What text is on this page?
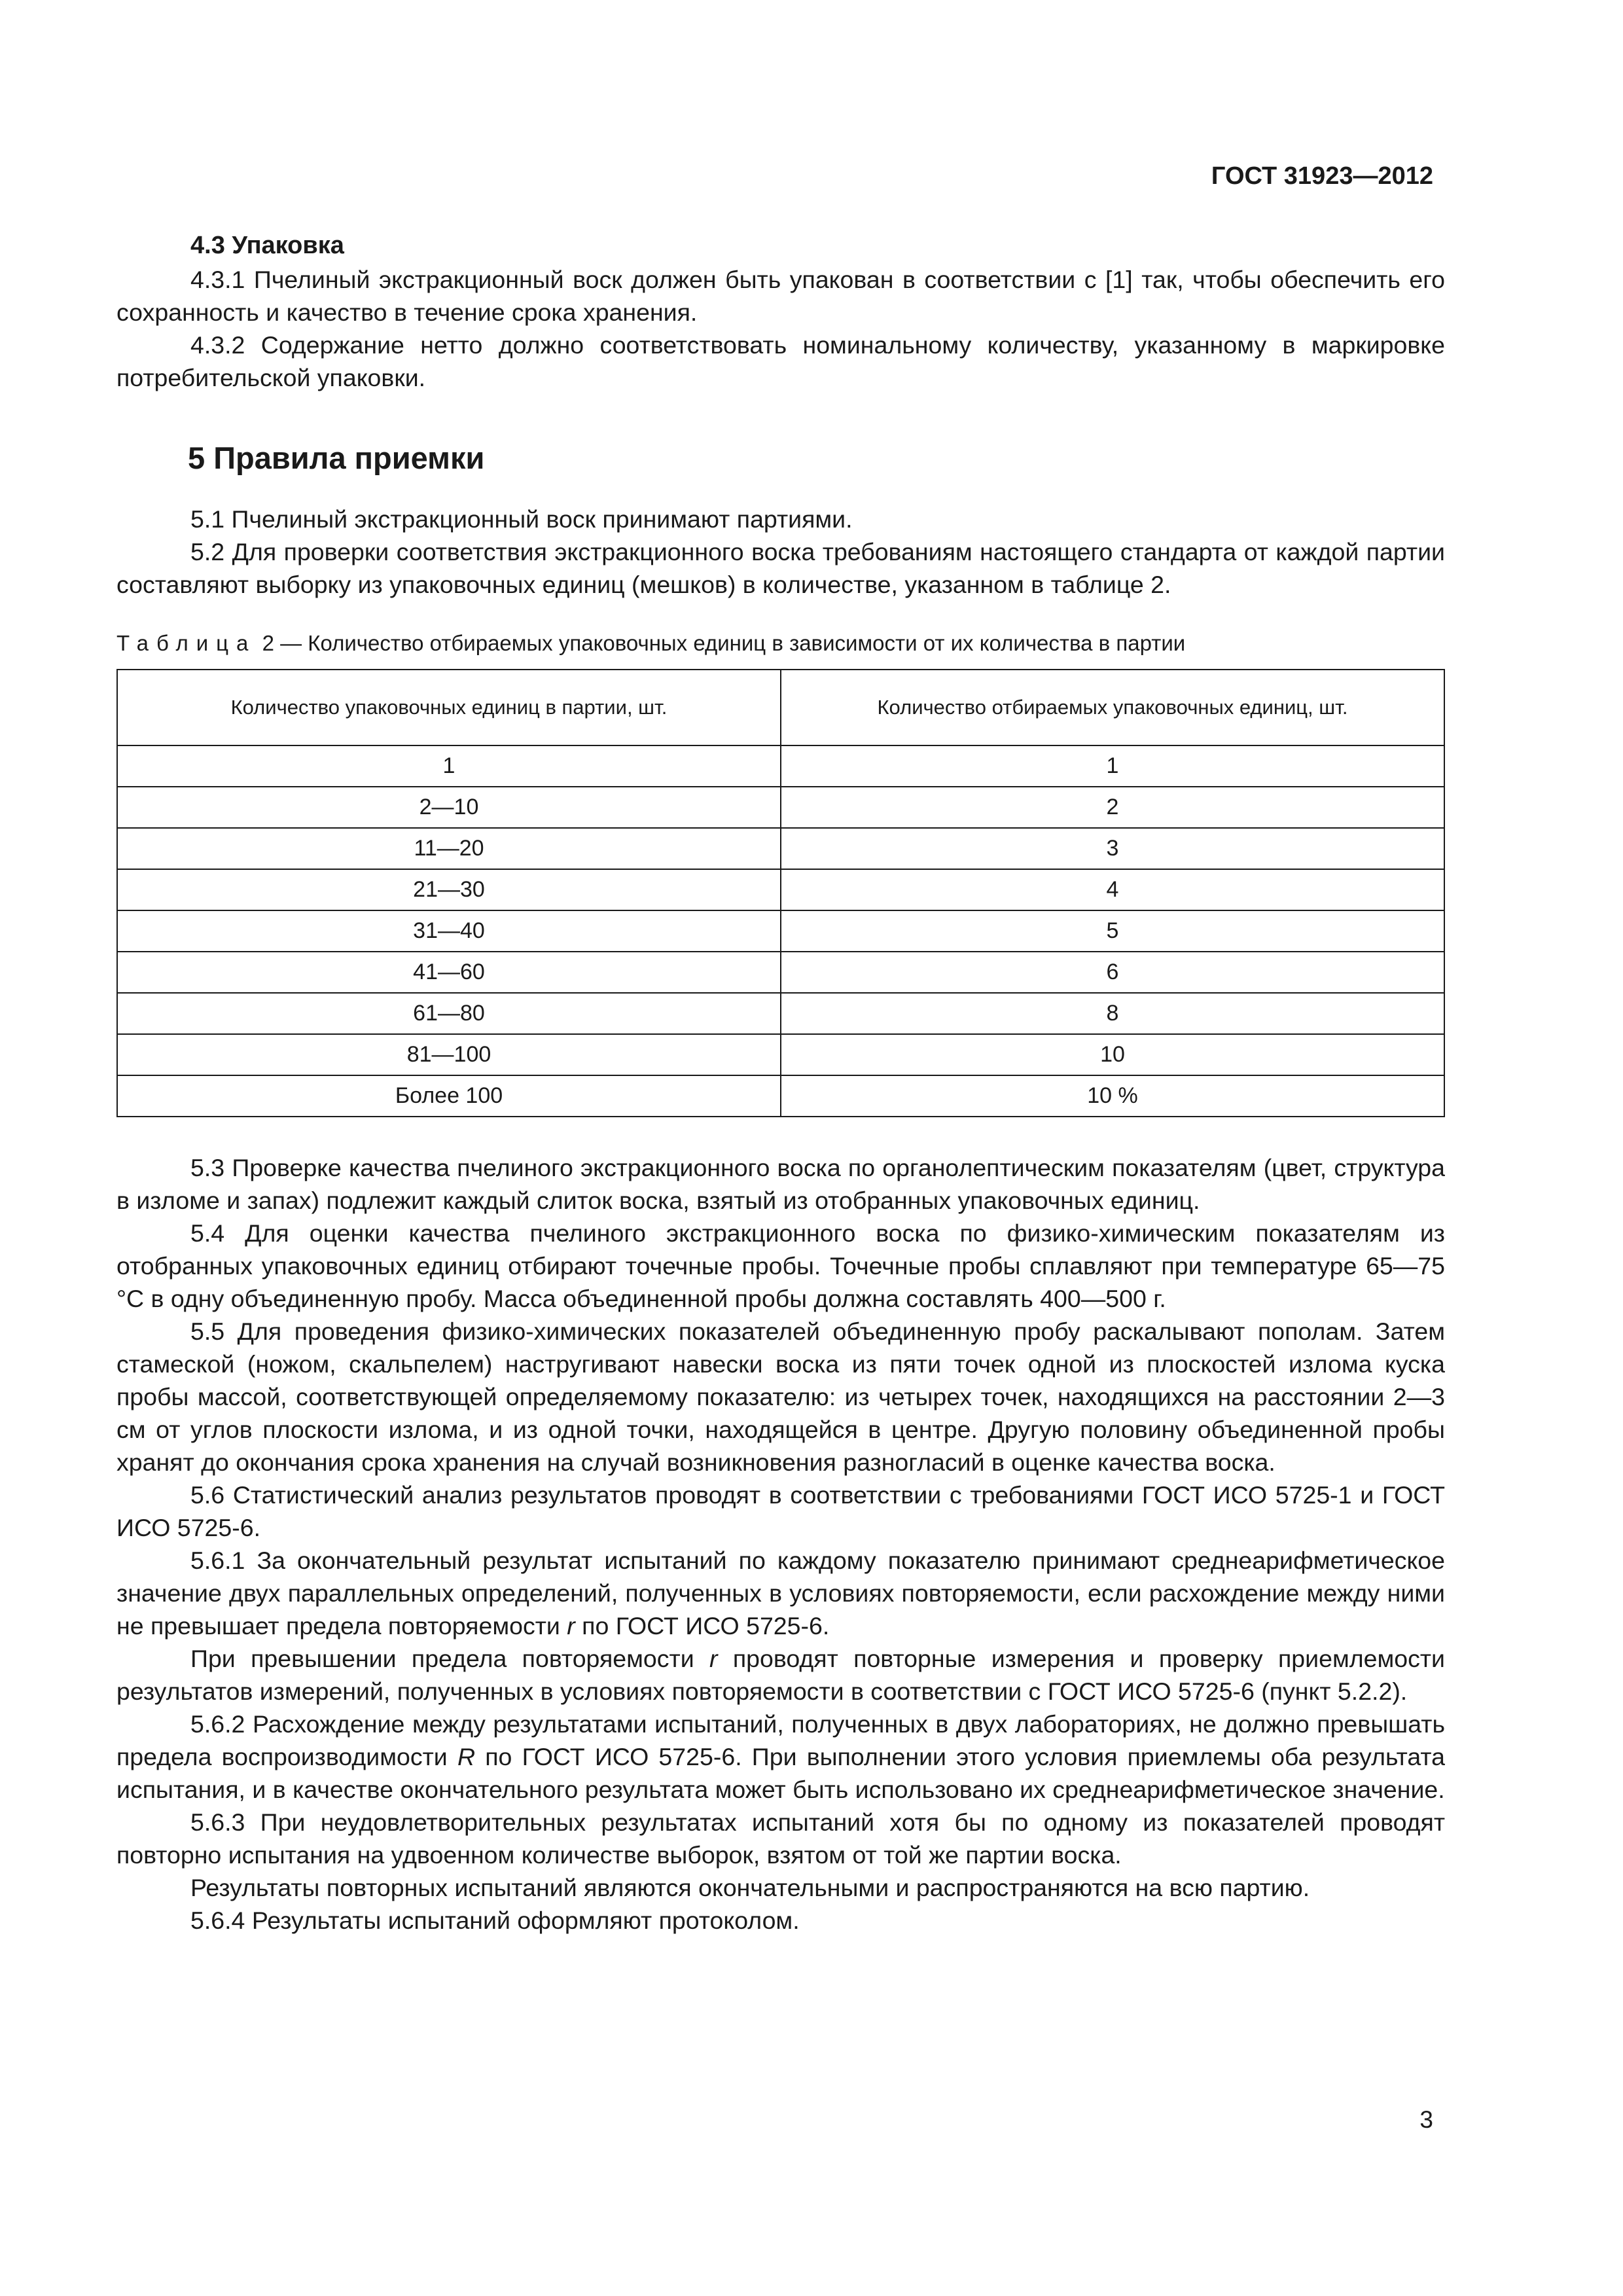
ГОСТ 31923—2012
4.3 Упаковка

4.3.1 Пчелиный экстракционный воск должен быть упакован в соответствии с [1] так, чтобы обеспечить его сохранность и качество в течение срока хранения.

4.3.2 Содержание нетто должно соответствовать номинальному количеству, указанному в маркировке потребительской упаковки.

5 Правила приемки

5.1 Пчелиный экстракционный воск принимают партиями.

5.2 Для проверки соответствия экстракционного воска требованиям настоящего стандарта от каждой партии составляют выборку из упаковочных единиц (мешков) в количестве, указанном в таблице 2.

Таблица 2 — Количество отбираемых упаковочных единиц в зависимости от их количества в партии
Количество упаковочных единиц в партии, шт.	Количество отбираемых упаковочных единиц, шт.
1	1
2—10	2
11—20	3
21—30	4
31—40	5
41—60	6
61—80	8
81—100	10
Более 100	10 %

5.3 Проверке качества пчелиного экстракционного воска по органолептическим показателям (цвет, структура в изломе и запах) подлежит каждый слиток воска, взятый из отобранных упаковочных единиц.

5.4 Для оценки качества пчелиного экстракционного воска по физико-химическим показателям из отобранных упаковочных единиц отбирают точечные пробы. Точечные пробы сплавляют при температуре 65—75 °С в одну объединенную пробу. Масса объединенной пробы должна составлять 400—500 г.

5.5 Для проведения физико-химических показателей объединенную пробу раскалывают пополам. Затем стамеской (ножом, скальпелем) настругивают навески воска из пяти точек одной из плоскостей излома куска пробы массой, соответствующей определяемому показателю: из четырех точек, находящихся на расстоянии 2—3 см от углов плоскости излома, и из одной точки, находящейся в центре. Другую половину объединенной пробы хранят до окончания срока хранения на случай возникновения разногласий в оценке качества воска.

5.6 Статистический анализ результатов проводят в соответствии с требованиями ГОСТ ИСО 5725-1 и ГОСТ ИСО 5725-6.

5.6.1 За окончательный результат испытаний по каждому показателю принимают среднеарифметическое значение двух параллельных определений, полученных в условиях повторяемости, если расхождение между ними не превышает предела повторяемости r по ГОСТ ИСО 5725-6.

При превышении предела повторяемости r проводят повторные измерения и проверку приемлемости результатов измерений, полученных в условиях повторяемости в соответствии с ГОСТ ИСО 5725-6 (пункт 5.2.2).

5.6.2 Расхождение между результатами испытаний, полученных в двух лабораториях, не должно превышать предела воспроизводимости R по ГОСТ ИСО 5725-6. При выполнении этого условия приемлемы оба результата испытания, и в качестве окончательного результата может быть использовано их среднеарифметическое значение.

5.6.3 При неудовлетворительных результатах испытаний хотя бы по одному из показателей проводят повторно испытания на удвоенном количестве выборок, взятом от той же партии воска.

Результаты повторных испытаний являются окончательными и распространяются на всю партию.

5.6.4 Результаты испытаний оформляют протоколом.

3
